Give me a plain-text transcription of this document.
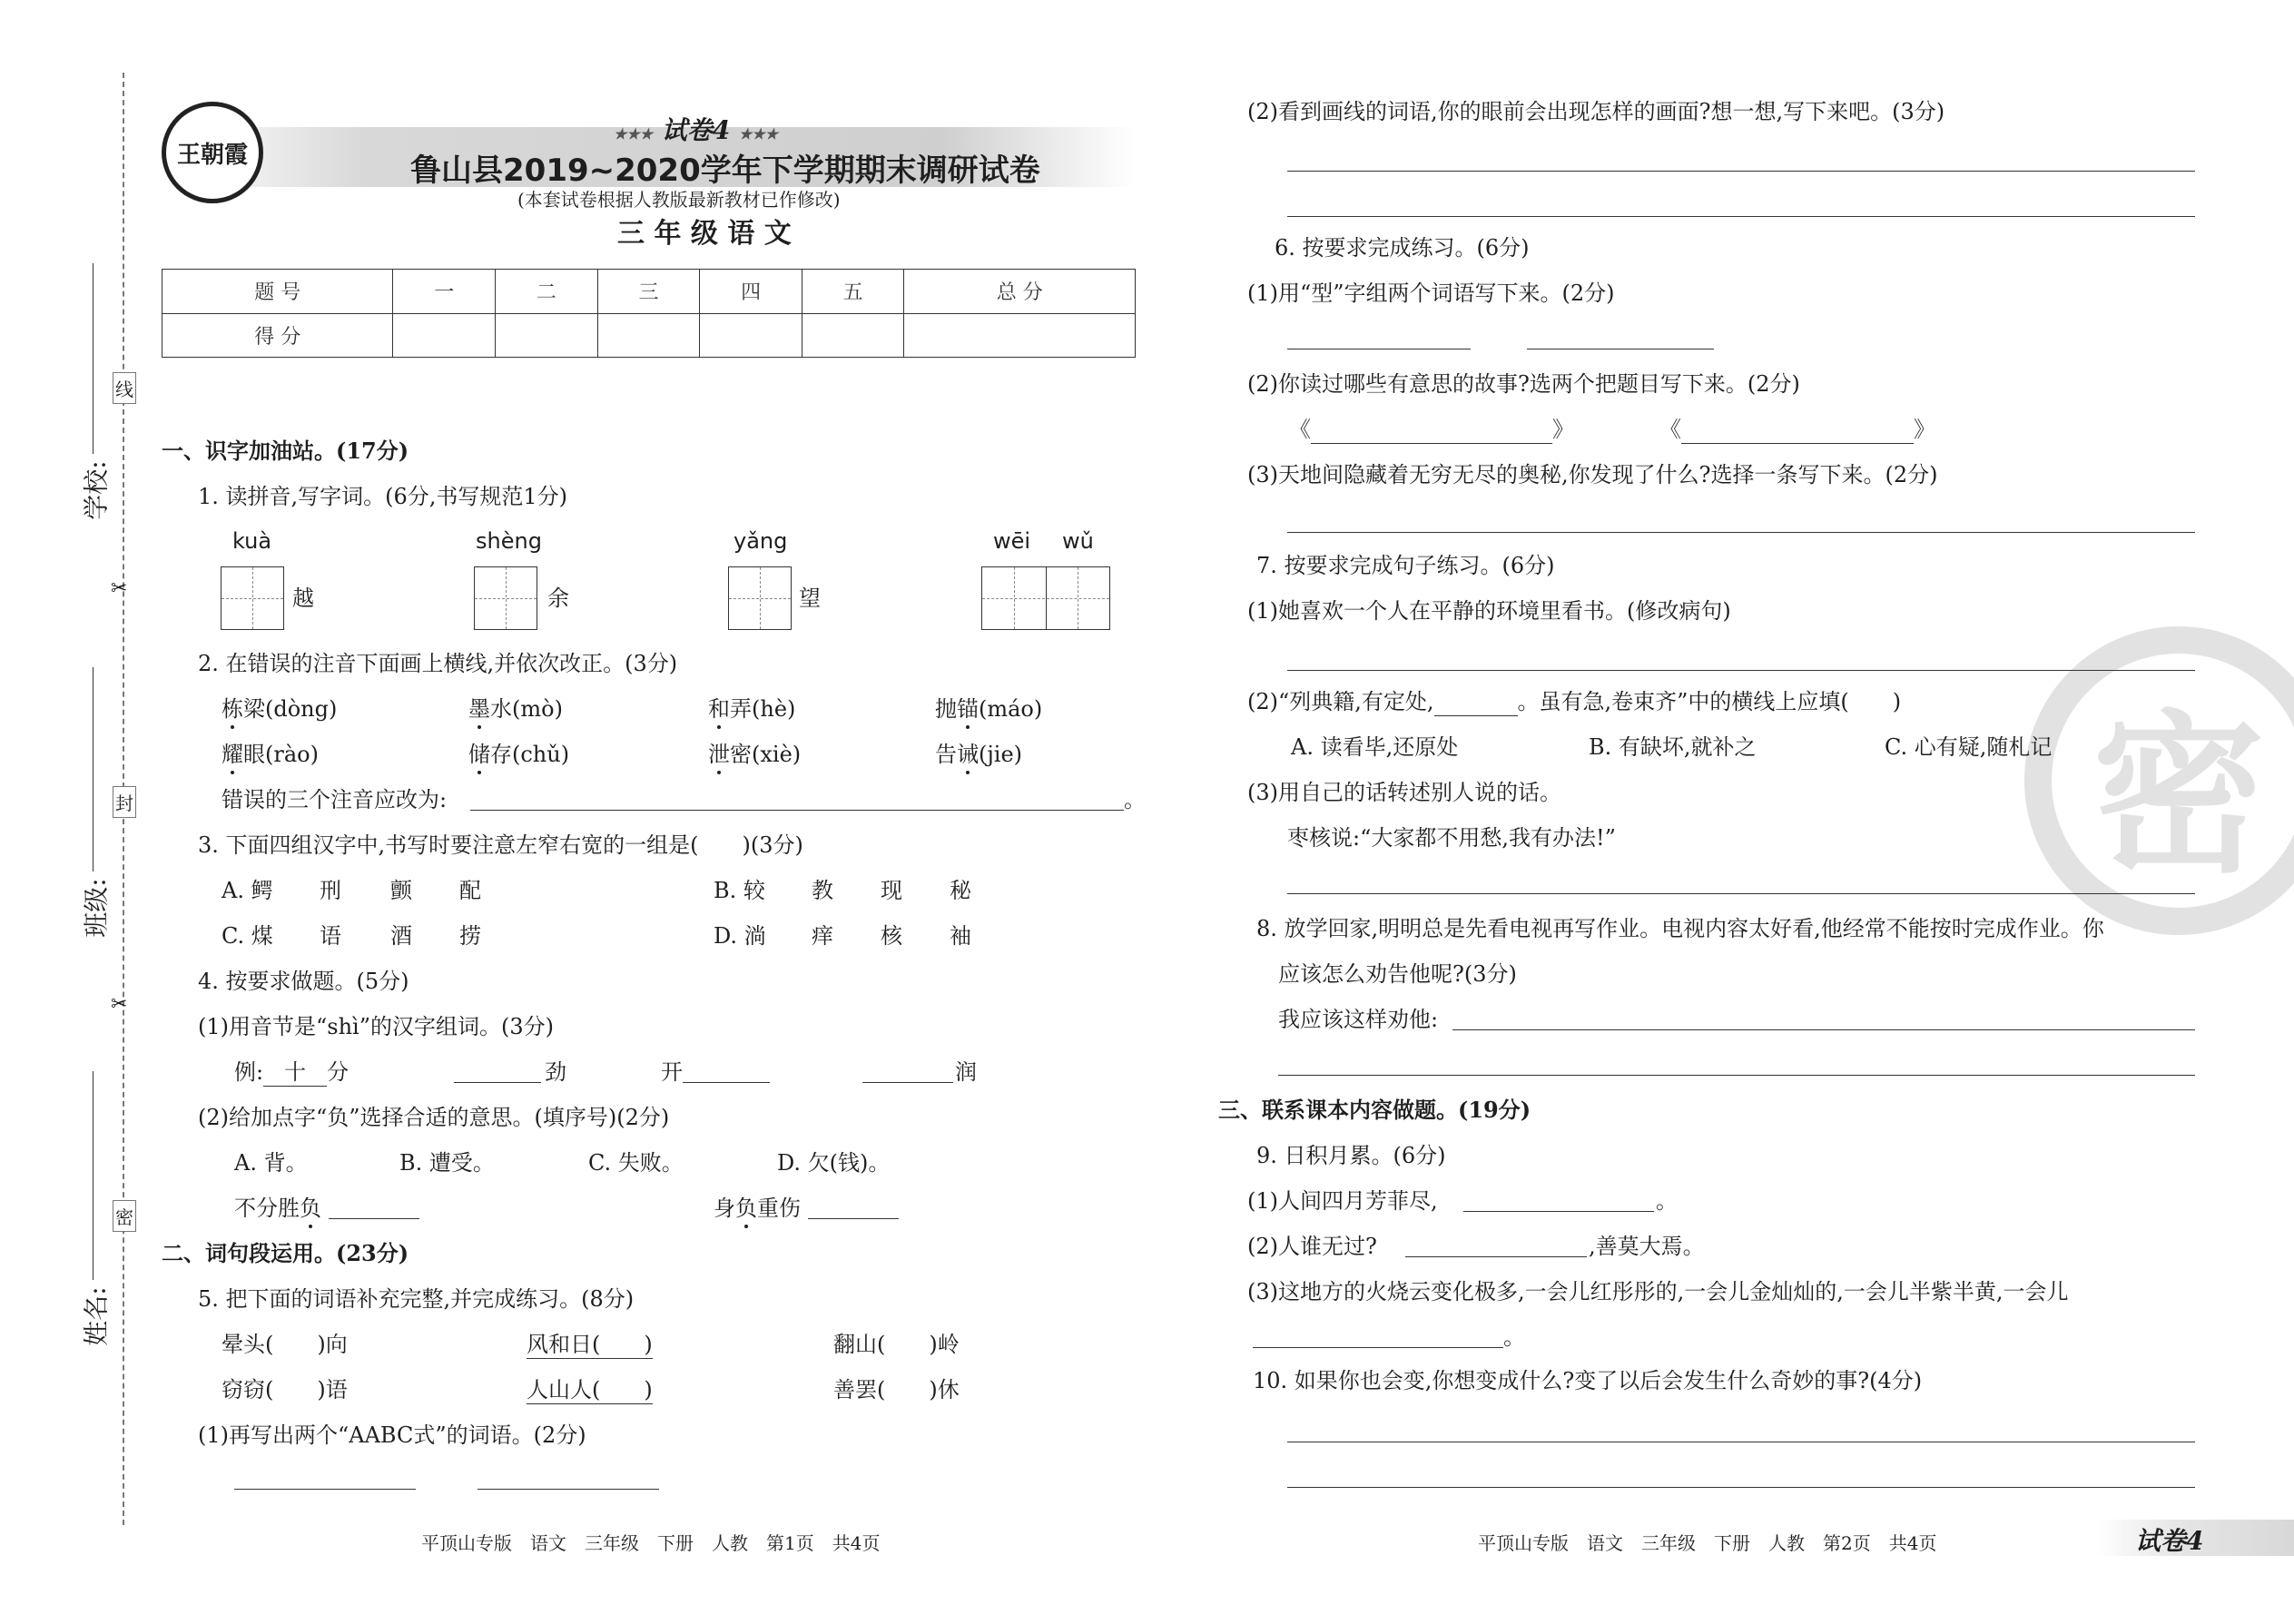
学校:
班级:
姓名:
线
封
密
✂
✂
王朝霞
★★★ 试卷4 ★★★
鲁山县2019~2020学年下学期期末调研试卷
(本套试卷根据人教版最新教材已作修改)
三 年 级 语 文
题 号	一	二	三	四	五	总 分
得 分						
一、识字加油站。(17分)
1. 读拼音,写字词。(6分,书写规范1分)
kuà
越
shèng
余
yǎng
望
wēi wǔ
2. 在错误的注音下面画上横线,并依次改正。(3分)
栋梁(dòng)	墨水(mò)	和弄(hè)	抛锚(máo)
耀眼(rào)	储存(chǔ)	泄密(xiè)	告诫(jie)
错误的三个注音应改为:	。
3. 下面四组汉字中,书写时要注意左窄右宽的一组是(　　)(3分)
A. 鳄 刑 颤 配	B. 较 教 现 秘
C. 煤 语 酒 捞	D. 淌 痒 核 袖
4. 按要求做题。(5分)
(1)用音节是“shì”的汉字组词。(3分)
例: 十 分	劲	开	润
(2)给加点字“负”选择合适的意思。(填序号)(2分)
A. 背。	B. 遭受。	C. 失败。	D. 欠(钱)。
不分胜负	身负重伤
二、词句段运用。(23分)
5. 把下面的词语补充完整,并完成练习。(8分)
晕头(　　)向	风和日(　　)	翻山(　　)岭
窃窃(　　)语	人山人(　　)	善罢(　　)休
(1)再写出两个“AABC式”的词语。(2分)
平顶山专版　语文　三年级　下册　人教　第1页　共4页
密
(2)看到画线的词语,你的眼前会出现怎样的画面?想一想,写下来吧。(3分)
6. 按要求完成练习。(6分)
(1)用“型”字组两个词语写下来。(2分)
(2)你读过哪些有意思的故事?选两个把题目写下来。(2分)
《	》	《	》
(3)天地间隐藏着无穷无尽的奥秘,你发现了什么?选择一条写下来。(2分)
7. 按要求完成句子练习。(6分)
(1)她喜欢一个人在平静的环境里看书。(修改病句)
(2)“列典籍,有定处,	。虽有急,卷束齐”中的横线上应填(　　)
A. 读看毕,还原处	B. 有缺坏,就补之	C. 心有疑,随札记
(3)用自己的话转述别人说的话。
枣核说:“大家都不用愁,我有办法!”
8. 放学回家,明明总是先看电视再写作业。电视内容太好看,他经常不能按时完成作业。你
应该怎么劝告他呢?(3分)
我应该这样劝他:
三、联系课本内容做题。(19分)
9. 日积月累。(6分)
(1)人间四月芳菲尽,	。
(2)人谁无过?	,善莫大焉。
(3)这地方的火烧云变化极多,一会儿红彤彤的,一会儿金灿灿的,一会儿半紫半黄,一会儿
。
10. 如果你也会变,你想变成什么?变了以后会发生什么奇妙的事?(4分)
平顶山专版　语文　三年级　下册　人教　第2页　共4页	试卷4
